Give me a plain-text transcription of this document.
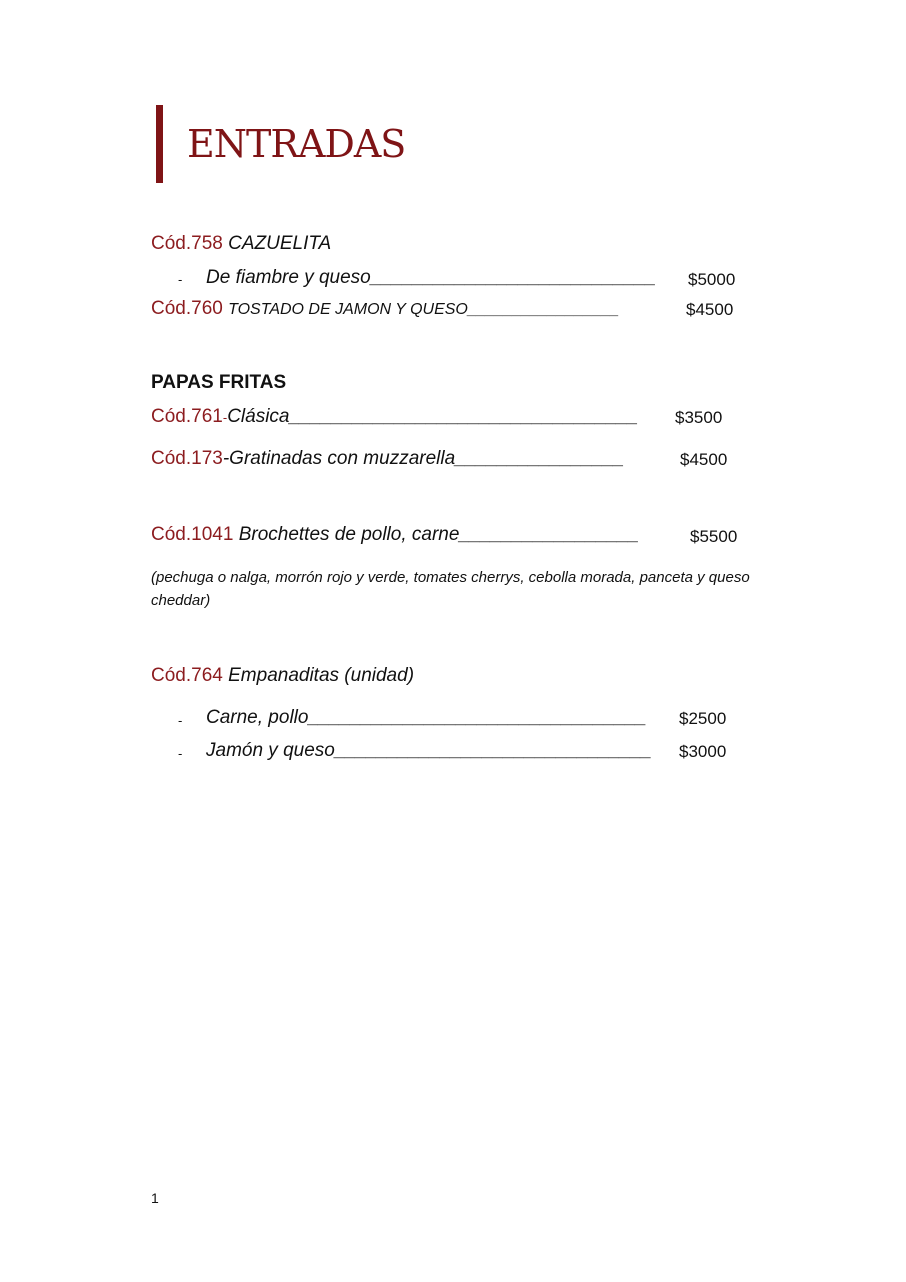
ENTRADAS
Cód.758 CAZUELITA
- De fiambre y queso___________________________ $5000
Cód.760 TOSTADO DE JAMON Y QUESO_________________	$4500
PAPAS FRITAS
Cód.761-Clásica_________________________________ $3500
Cód.173-Gratinadas con muzzarella________________	$4500
Cód.1041 Brochettes de pollo, carne_________________	$5500
(pechuga o nalga, morrón rojo y verde, tomates cherrys, cebolla morada, panceta y queso cheddar)
Cód.764 Empanaditas (unidad)
- Carne, pollo________________________________ $2500
- Jamón y queso______________________________ $3000
1
